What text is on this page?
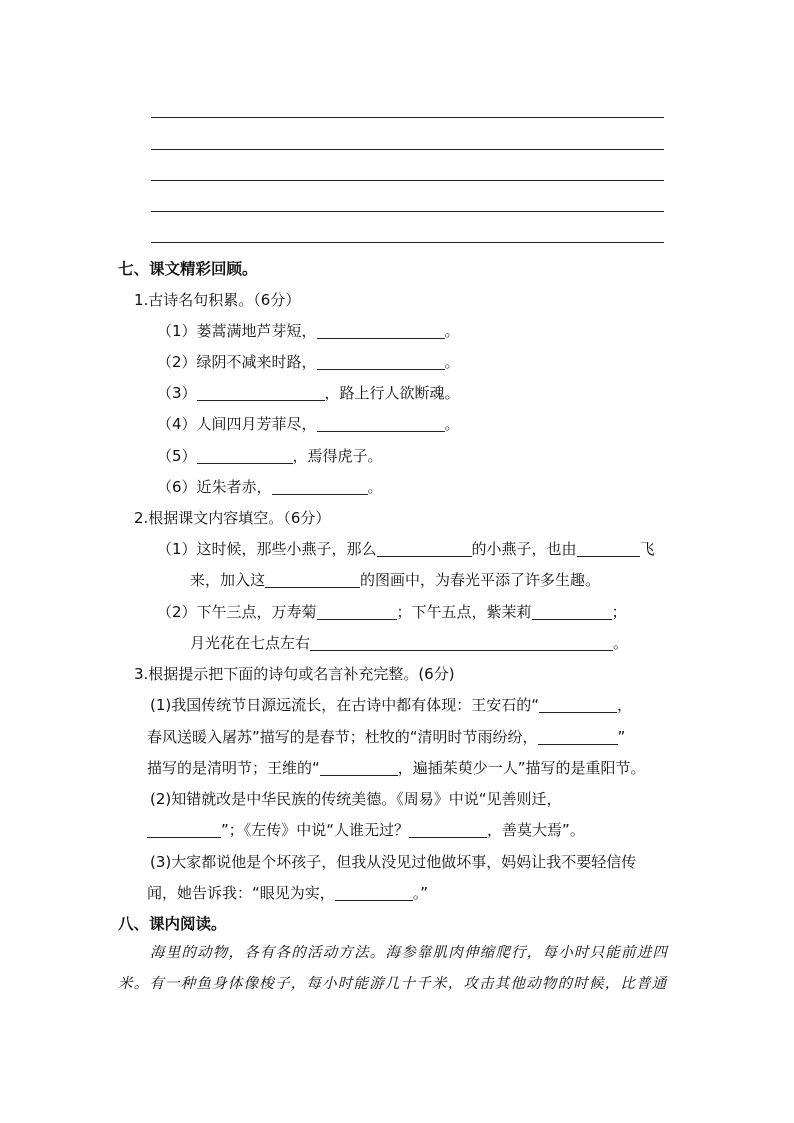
七、课文精彩回顾。
1.古诗名句积累。（6分）
（1）蒌蒿满地芦芽短，	。
（2）绿阴不减来时路，	。
（3）	，路上行人欲断魂。
（4）人间四月芳菲尽，	。
（5）	，焉得虎子。
（6）近朱者赤，	。
2.根据课文内容填空。（6分）
（1）这时候，那些小燕子，那么	的小燕子，也由	飞
来，加入这	的图画中，为春光平添了许多生趣。
（2）下午三点，万寿菊	；下午五点，紫茉莉	；
月光花在七点左右	。
3.根据提示把下面的诗句或名言补充完整。(6分)
(1)我国传统节日源远流长，在古诗中都有体现：王安石的“	，
春风送暖入屠苏”描写的是春节；杜牧的“清明时节雨纷纷，	”
描写的是清明节；王维的“	，遍插茱萸少一人”描写的是重阳节。
(2)知错就改是中华民族的传统美德。《周易》中说“见善则迁，
”；《左传》中说“人谁无过？	，善莫大焉”。
(3)大家都说他是个坏孩子，但我从没见过他做坏事，妈妈让我不要轻信传
闻，她告诉我：“眼见为实，	。”
八、课内阅读。
海里的动物，各有各的活动方法。海参靠肌肉伸缩爬行，每小时只能前进四
米。有一种鱼身体像梭子，每小时能游几十千米，攻击其他动物的时候，比普通
